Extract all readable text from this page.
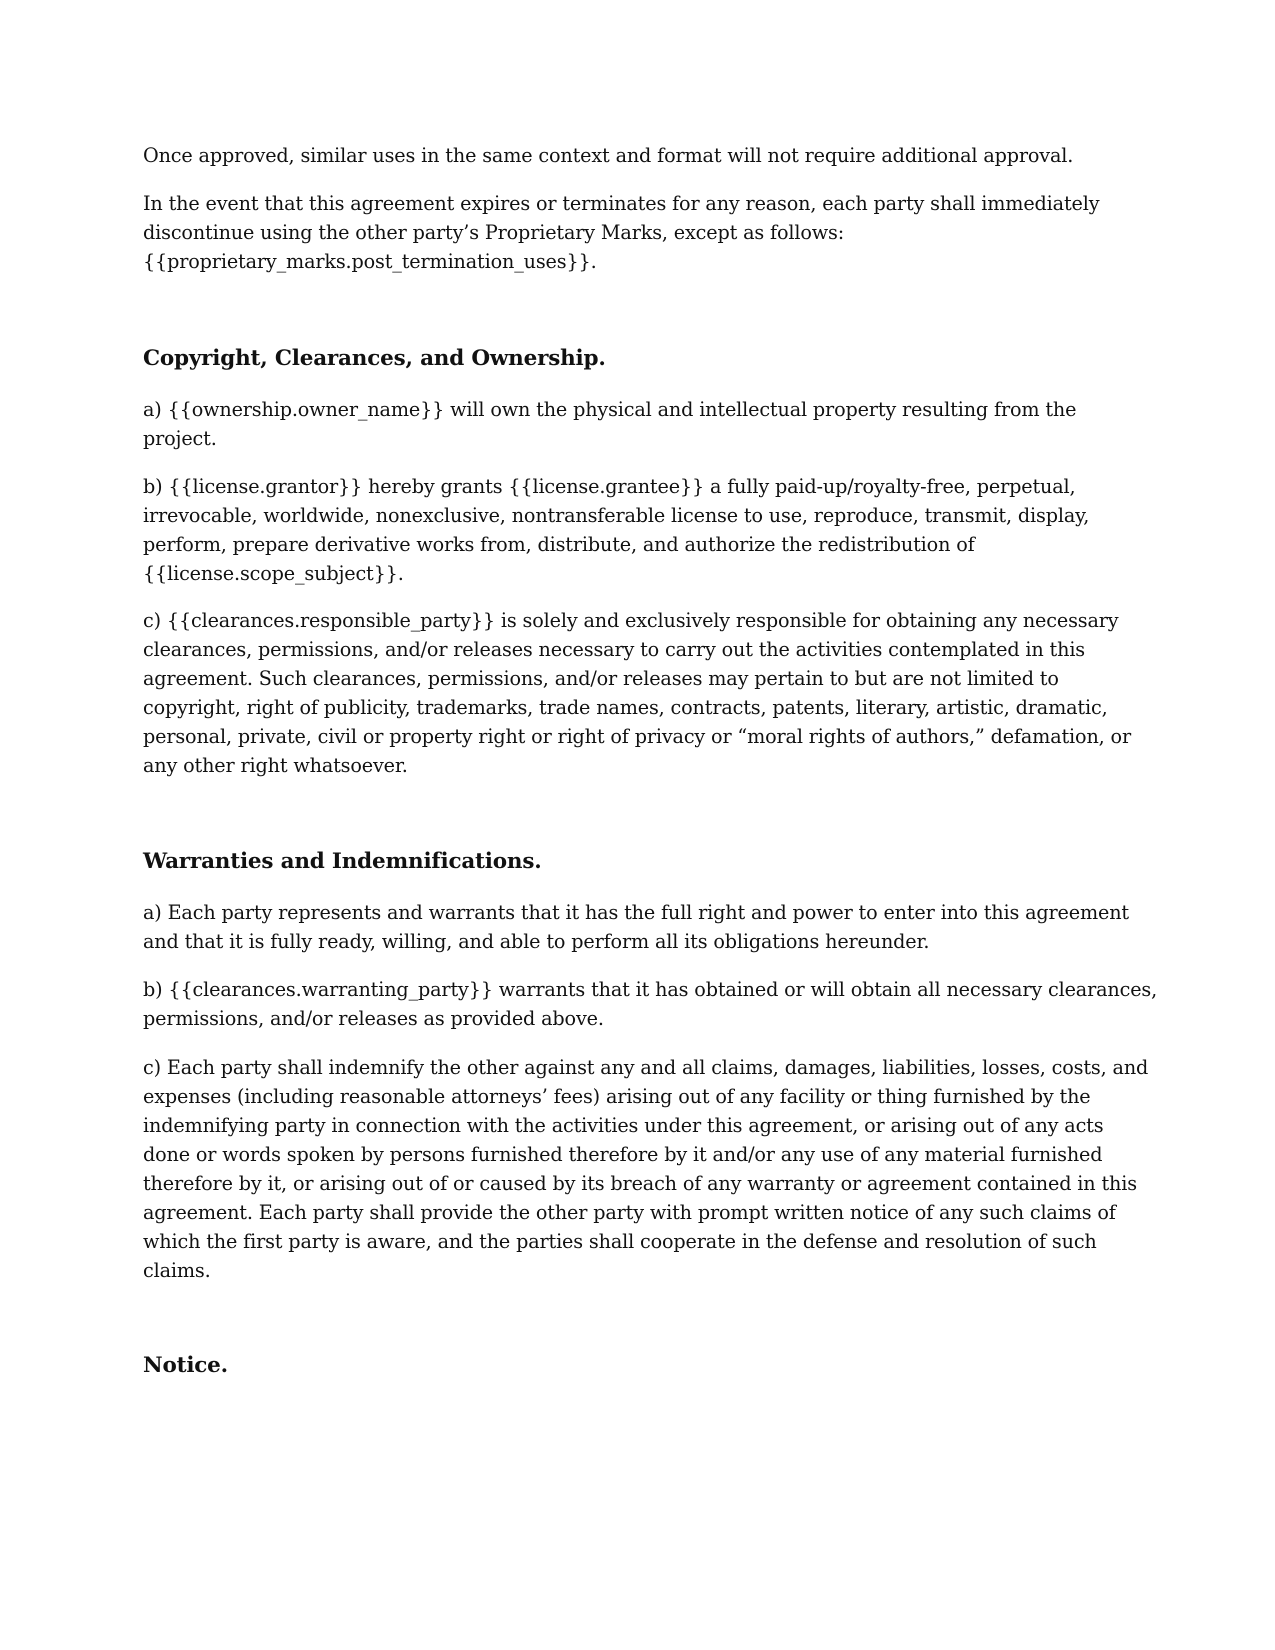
Once approved, similar uses in the same context and format will not require additional approval.

In the event that this agreement expires or terminates for any reason, each party shall immediately
discontinue using the other party’s Proprietary Marks, except as follows:
{{proprietary_marks.post_termination_uses}}.

Copyright, Clearances, and Ownership.

a) {{ownership.owner_name}} will own the physical and intellectual property resulting from the
project.

b) {{license.grantor}} hereby grants {{license.grantee}} a fully paid-up/royalty-free, perpetual,
irrevocable, worldwide, nonexclusive, nontransferable license to use, reproduce, transmit, display,
perform, prepare derivative works from, distribute, and authorize the redistribution of
{{license.scope_subject}}.

c) {{clearances.responsible_party}} is solely and exclusively responsible for obtaining any necessary
clearances, permissions, and/or releases necessary to carry out the activities contemplated in this
agreement. Such clearances, permissions, and/or releases may pertain to but are not limited to
copyright, right of publicity, trademarks, trade names, contracts, patents, literary, artistic, dramatic,
personal, private, civil or property right or right of privacy or “moral rights of authors,” defamation, or
any other right whatsoever.

Warranties and Indemnifications.

a) Each party represents and warrants that it has the full right and power to enter into this agreement
and that it is fully ready, willing, and able to perform all its obligations hereunder.

b) {{clearances.warranting_party}} warrants that it has obtained or will obtain all necessary clearances,
permissions, and/or releases as provided above.

c) Each party shall indemnify the other against any and all claims, damages, liabilities, losses, costs, and
expenses (including reasonable attorneys’ fees) arising out of any facility or thing furnished by the
indemnifying party in connection with the activities under this agreement, or arising out of any acts
done or words spoken by persons furnished therefore by it and/or any use of any material furnished
therefore by it, or arising out of or caused by its breach of any warranty or agreement contained in this
agreement. Each party shall provide the other party with prompt written notice of any such claims of
which the first party is aware, and the parties shall cooperate in the defense and resolution of such
claims.

Notice.
